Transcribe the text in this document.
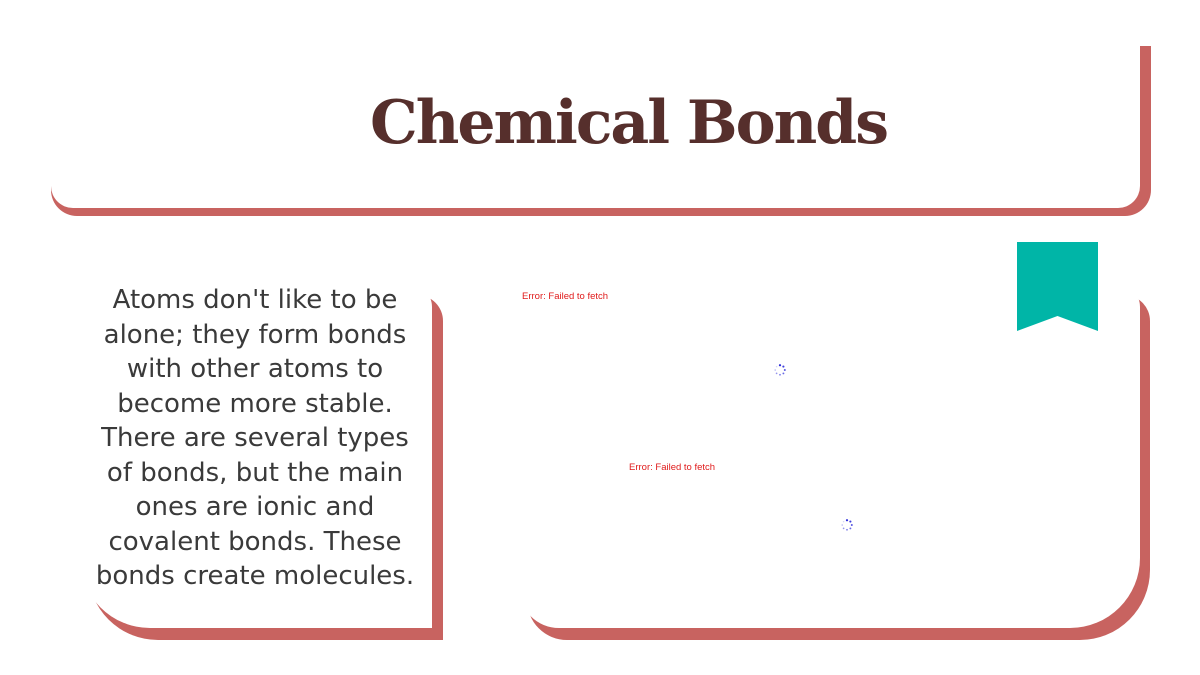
Chemical Bonds

Atoms don't like to be alone; they form bonds with other atoms to become more stable. There are several types of bonds, but the main ones are ionic and covalent bonds. These bonds create molecules.

Error: Failed to fetch
Error: Failed to fetch
